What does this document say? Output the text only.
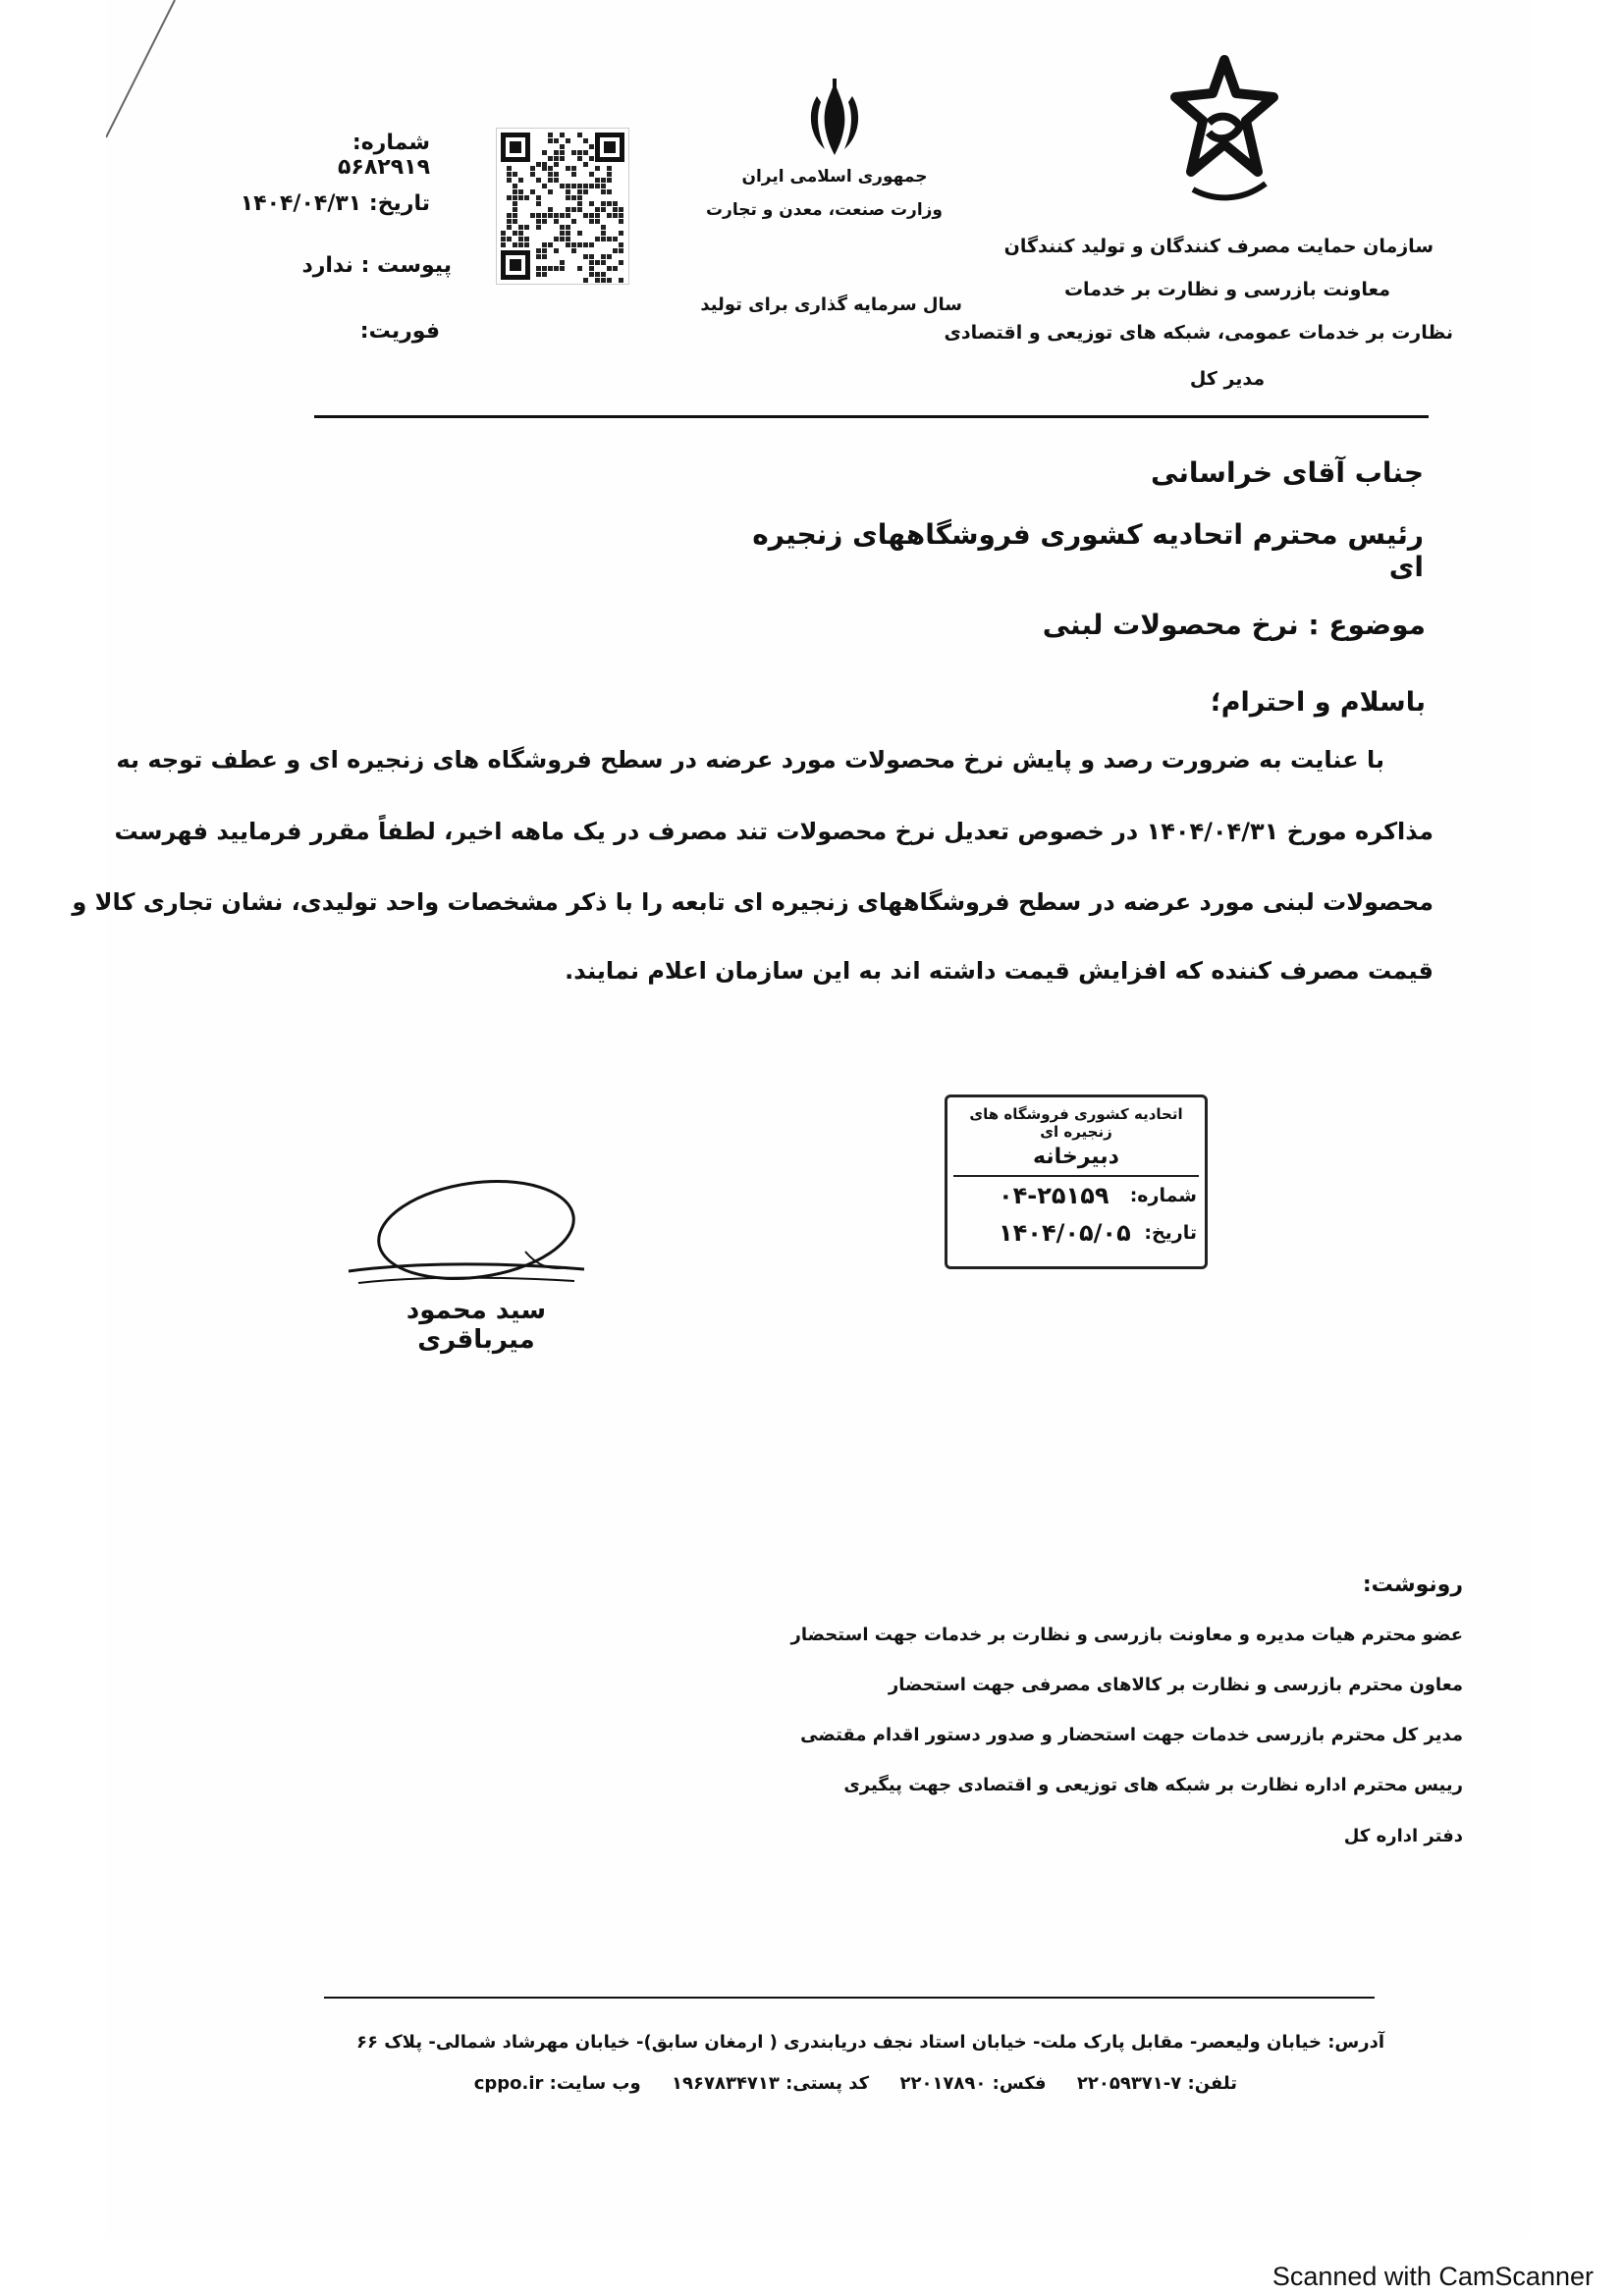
شماره: ۵۶۸۲۹۱۹
تاریخ: ۱۴۰۴/۰۴/۳۱
پیوست : ندارد
فوریت:
جمهوری اسلامی ایران
وزارت صنعت، معدن و تجارت
سال سرمایه گذاری برای تولید
سازمان حمایت مصرف کنندگان و تولید کنندگان
معاونت بازرسی و نظارت بر خدمات
نظارت بر خدمات عمومی، شبکه های توزیعی و اقتصادی
مدیر کل
جناب آقای خراسانی
رئیس محترم اتحادیه کشوری فروشگاههای زنجیره ای
موضوع : نرخ محصولات لبنی
باسلام و احترام؛
با عنایت به ضرورت رصد و پایش نرخ محصولات مورد عرضه در سطح فروشگاه های زنجیره ای و عطف توجه به
مذاکره مورخ ۱۴۰۴/۰۴/۳۱ در خصوص تعدیل نرخ محصولات تند مصرف در یک ماهه اخیر، لطفاً مقرر فرمایید فهرست
محصولات لبنی مورد عرضه در سطح فروشگاههای زنجیره ای تابعه را با ذکر مشخصات واحد تولیدی، نشان تجاری کالا و
قیمت مصرف کننده که افزایش قیمت داشته اند به این سازمان اعلام نمایند.
اتحادیه کشوری فروشگاه های زنجیره ای
دبیرخانه
شماره:
۰۴-۲۵۱۵۹
تاریخ:
۱۴۰۴/۰۵/۰۵
سید محمود میرباقری
رونوشت:
عضو محترم هیات مدیره و معاونت بازرسی و نظارت بر خدمات جهت استحضار
معاون محترم بازرسی و نظارت بر کالاهای مصرفی جهت استحضار
مدیر کل محترم بازرسی خدمات جهت استحضار و صدور دستور اقدام مقتضی
رییس محترم اداره نظارت بر شبکه های توزیعی و اقتصادی جهت پیگیری
دفتر اداره کل
آدرس: خیابان ولیعصر- مقابل پارک ملت- خیابان استاد نجف دریابندری ( ارمغان سابق)- خیابان مهرشاد شمالی- پلاک ۶۶
تلفن: ۷-۲۲۰۵۹۳۷۱     فکس: ۲۲۰۱۷۸۹۰     کد پستی: ۱۹۶۷۸۳۴۷۱۳     وب سایت: cppo.ir
Scanned with CamScanner
